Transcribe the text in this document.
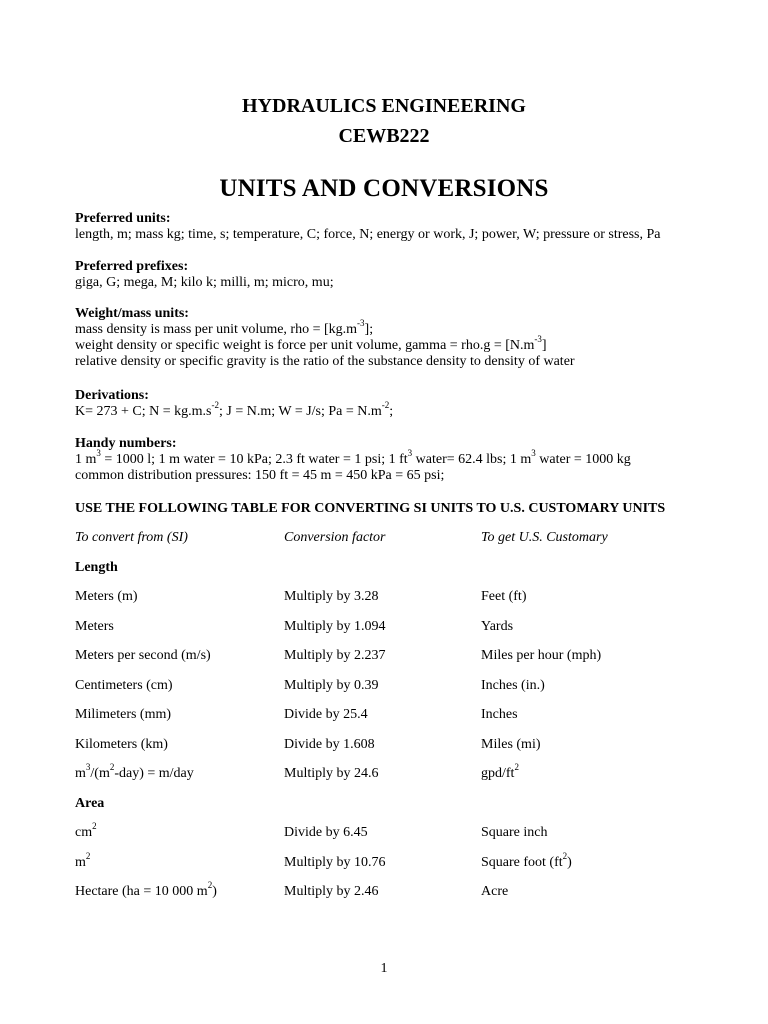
HYDRAULICS ENGINEERING
CEWB222
UNITS AND CONVERSIONS
Preferred units:
length, m; mass kg; time, s; temperature, C; force, N; energy or work, J; power, W; pressure or stress, Pa
Preferred prefixes:
giga, G; mega, M; kilo k; milli, m; micro, mu;
Weight/mass units:
mass density is mass per unit volume, rho = $[kg.m^{-3}]$;
weight density or specific weight is force per unit volume, gamma = $rho.g = [N.m^{-3}]$
relative density or specific gravity is the ratio of the substance density to density of water
Derivations:
K= 273 + C; $N = kg.m.s^{-2}$; J = N.m; W = J/s; $Pa = N.m^{-2}$;
Handy numbers:
1 $m^3 = 1000$ l; 1 m water = 10 kPa; 2.3 ft water = 1 psi; 1 $ft^3$ water= 62.4 lbs; 1 $m^3$ water = 1000 kg
common distribution pressures: 150 ft = 45 m = 450 kPa = 65 psi;
USE THE FOLLOWING TABLE FOR CONVERTING SI UNITS TO U.S. CUSTOMARY UNITS
To convert from (SI)	Conversion factor	To get U.S. Customary
Length
Meters (m)	Multiply by 3.28	Feet (ft)
Meters	Multiply by 1.094	Yards
Meters per second (m/s)	Multiply by 2.237	Miles per hour (mph)
Centimeters (cm)	Multiply by 0.39	Inches (in.)
Milimeters (mm)	Divide by 25.4	Inches
Kilometers (km)	Divide by 1.608	Miles (mi)
$m^3/(m^2-day) = m/day$	Multiply by 24.6	gpd/$ft^2$
Area
$cm^2$	Divide by 6.45	Square inch
$m^2$	Multiply by 10.76	Square foot $(ft^2)$
Hectare (ha = 10 000 $m^2$)	Multiply by 2.46	Acre
1
